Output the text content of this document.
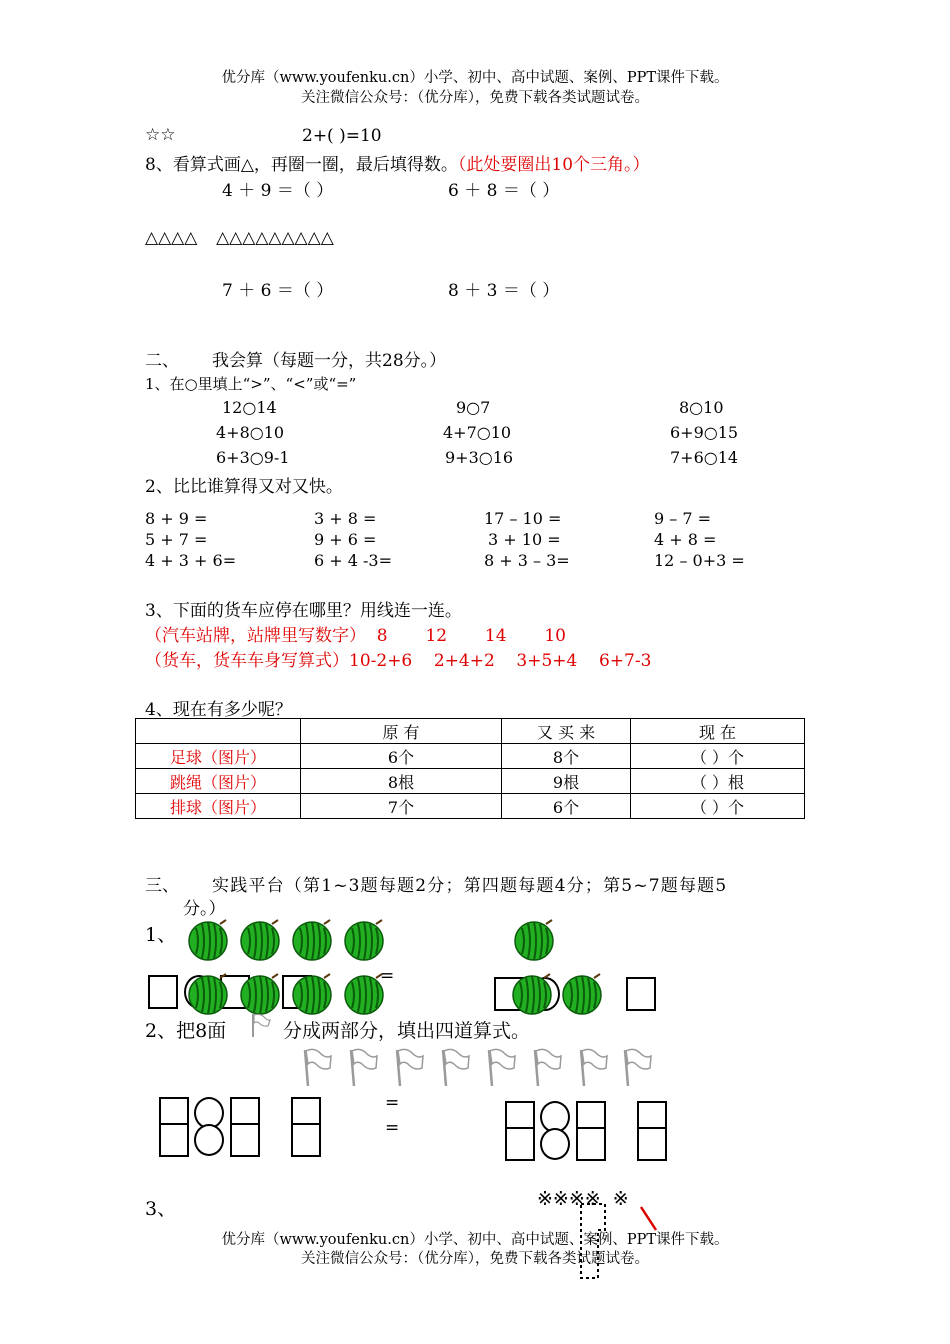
优分库（www.youfenku.cn）小学、初中、高中试题、案例、PPT课件下载。
关注微信公众号：（优分库），免费下载各类试题试卷。
☆☆	2+( )=10
8、看算式画△，再圈一圈，最后填得数。（此处要圈出10个三角。）
4 ＋ 9 ＝（ ）	6 ＋ 8 ＝（ ）
△△△△ △△△△△△△△△
7 ＋ 6 ＝（ ）	8 ＋ 3 ＝（ ）
二、 我会算（每题一分，共28分。）
1、在○里填上“>”、“<”或“=”
12○14	9○7	8○10
4+8○10	4+7○10	6+9○15
6+3○9-1	9+3○16	7+6○14
2、比比谁算得又对又快。
8 + 9 =	3 + 8 =	17 – 10 =	9 – 7 =
5 + 7 =	9 + 6 =	3 + 10 =	4 + 8 =
4 + 3 + 6=	6 + 4 -3=	8 + 3 – 3=	12 – 0+3 =
3、下面的货车应停在哪里？用线连一连。
（汽车站牌，站牌里写数字）  8       12       14       10
（货车，货车车身写算式）10-2+6    2+4+2    3+5+4    6+7-3
4、现在有多少呢？
	原 有	又 买 来	现 在
足球（图片）	6个	8个	（ ）个
跳绳（图片）	8根	9根	（ ）根
排球（图片）	7个	6个	（ ）个
三、 实践平台（第1~3题每题2分；第四题每题4分；第5~7题每题5
分。）
1、
=
2、把8面	分成两部分，填出四道算式。
=
=
3、	※※※※  ※
优分库（www.youfenku.cn）小学、初中、高中试题、案例、PPT课件下载。
关注微信公众号：（优分库），免费下载各类试题试卷。
